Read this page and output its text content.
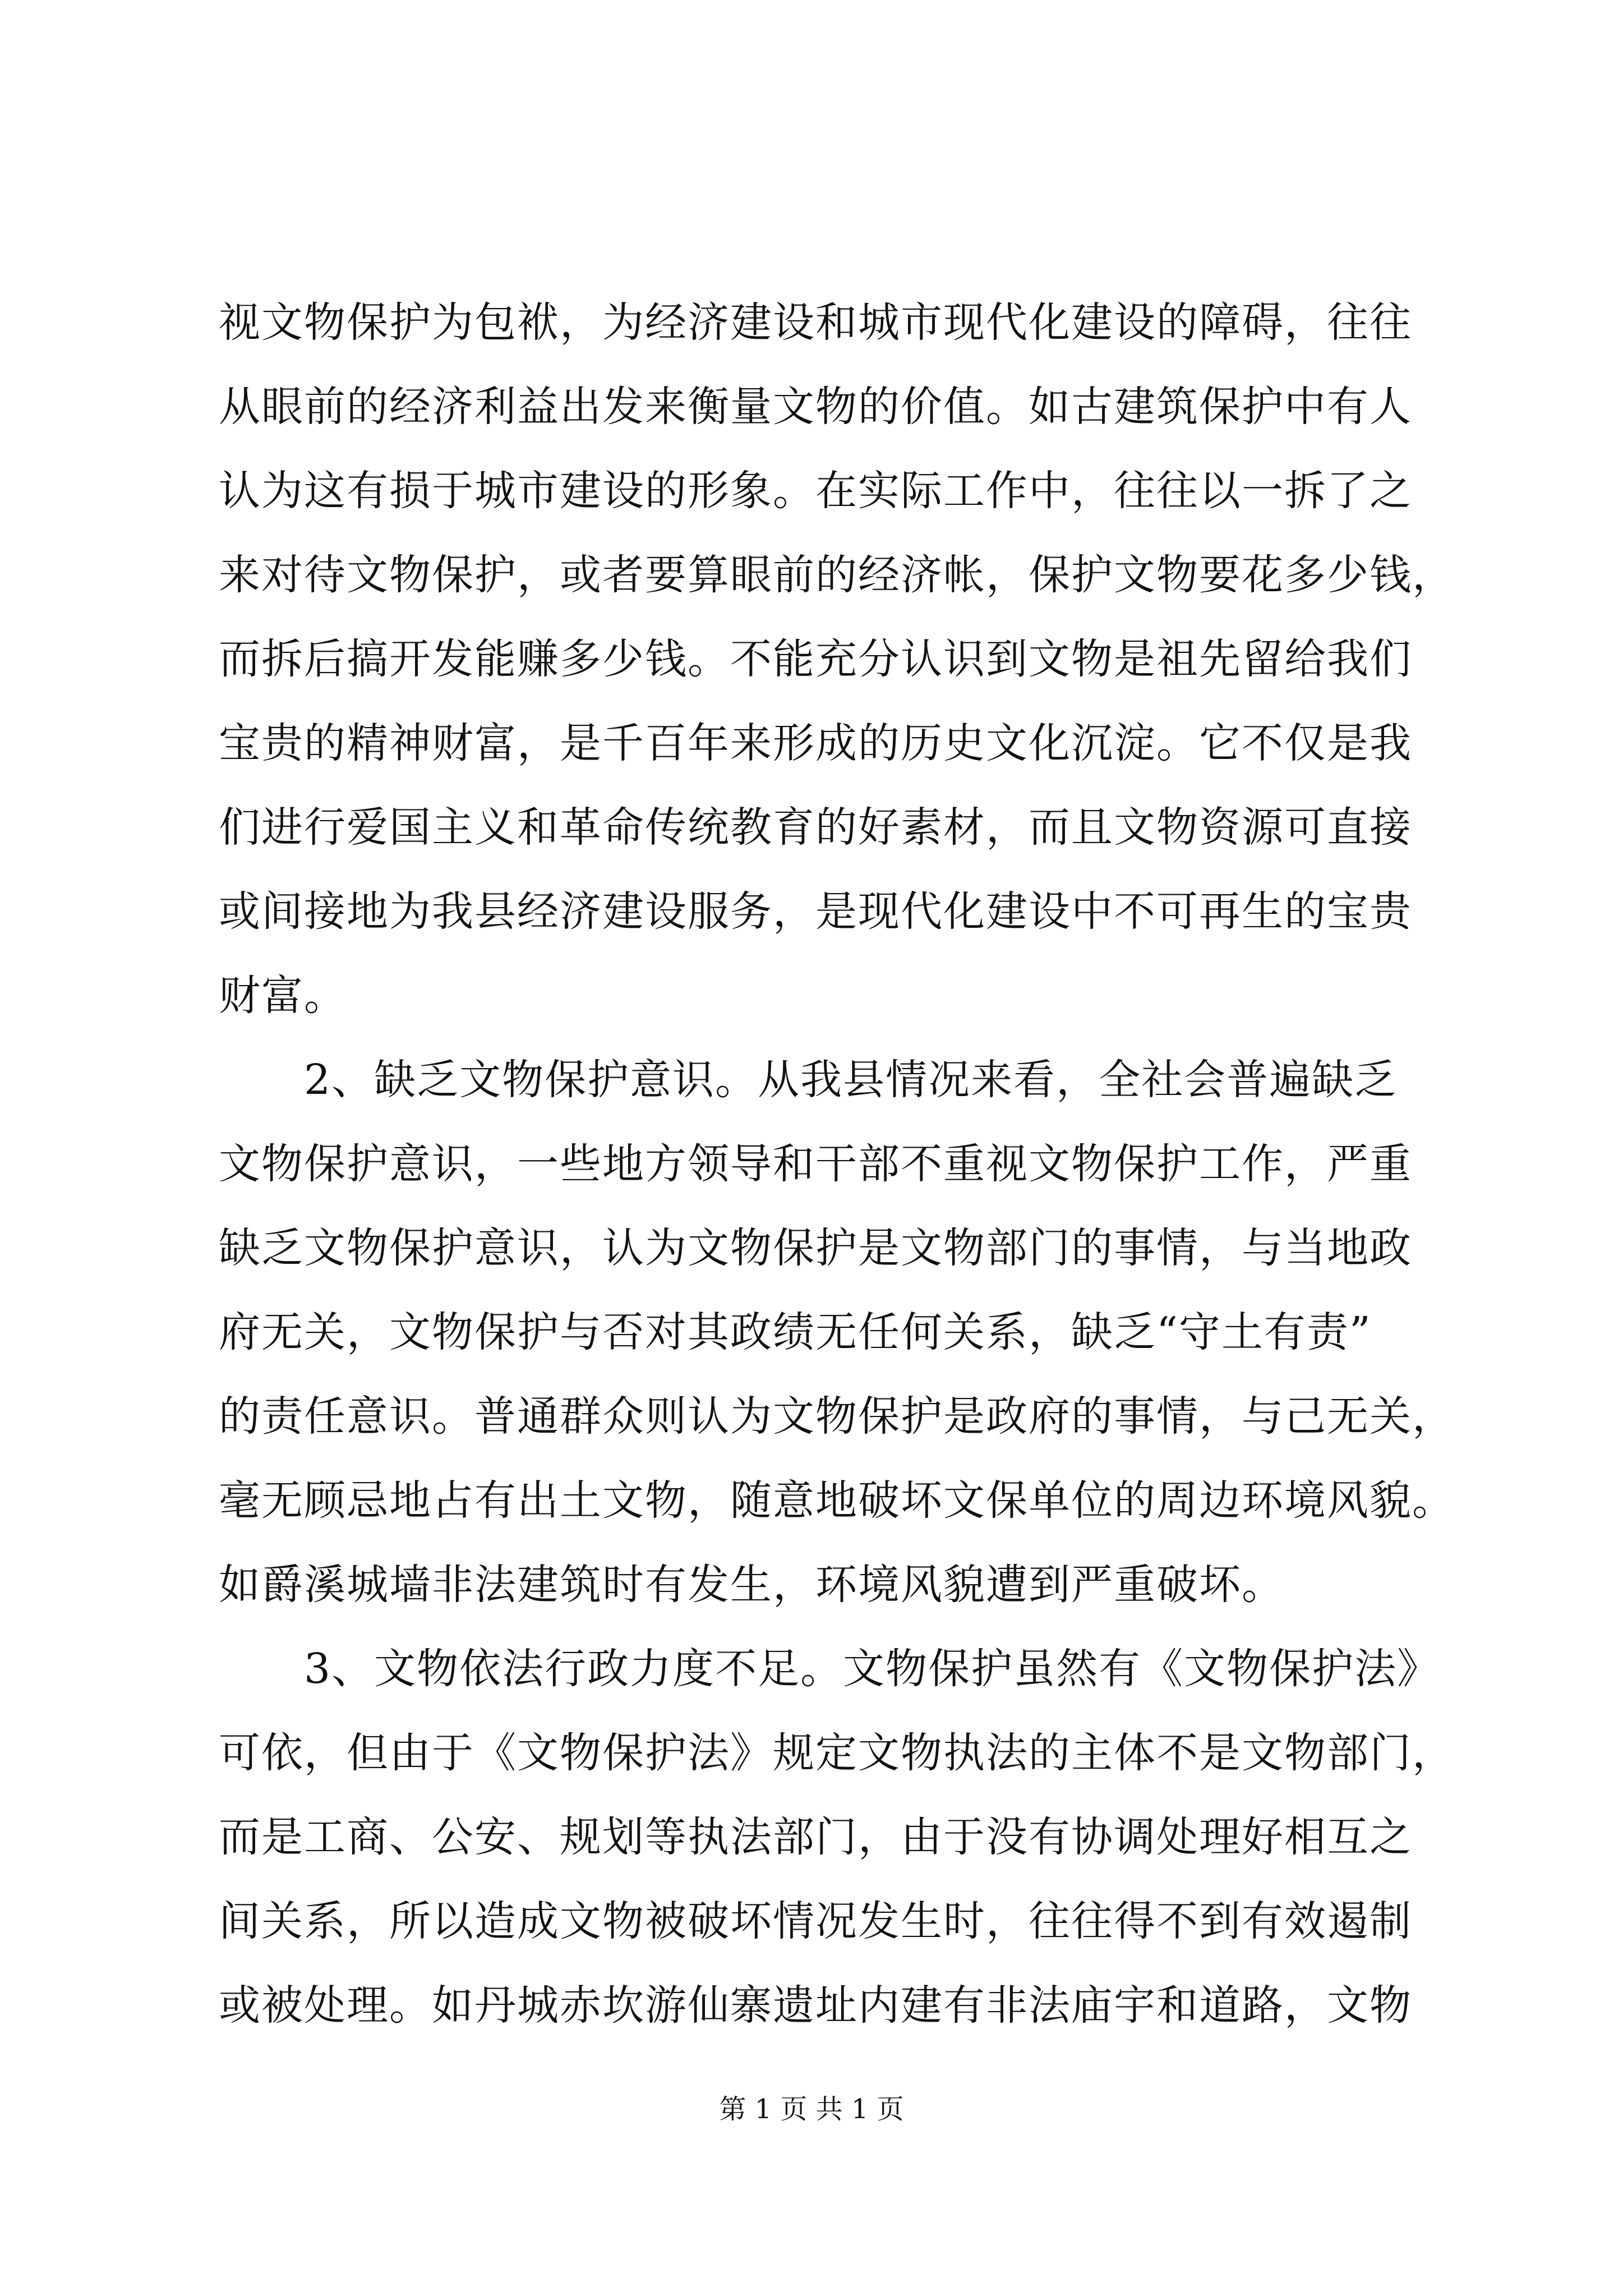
视文物保护为包袱，为经济建设和城市现代化建设的障碍，往往
从眼前的经济利益出发来衡量文物的价值。如古建筑保护中有人
认为这有损于城市建设的形象。在实际工作中，往往以一拆了之
来对待文物保护，或者要算眼前的经济帐，保护文物要花多少钱，
而拆后搞开发能赚多少钱。不能充分认识到文物是祖先留给我们
宝贵的精神财富，是千百年来形成的历史文化沉淀。它不仅是我
们进行爱国主义和革命传统教育的好素材，而且文物资源可直接
或间接地为我县经济建设服务，是现代化建设中不可再生的宝贵
财富。
　　2、缺乏文物保护意识。从我县情况来看，全社会普遍缺乏
文物保护意识，一些地方领导和干部不重视文物保护工作，严重
缺乏文物保护意识，认为文物保护是文物部门的事情，与当地政
府无关，文物保护与否对其政绩无任何关系，缺乏“守土有责”
的责任意识。普通群众则认为文物保护是政府的事情，与己无关，
毫无顾忌地占有出土文物，随意地破坏文保单位的周边环境风貌。
如爵溪城墙非法建筑时有发生，环境风貌遭到严重破坏。
　　3、文物依法行政力度不足。文物保护虽然有《文物保护法》
可依，但由于《文物保护法》规定文物执法的主体不是文物部门，
而是工商、公安、规划等执法部门，由于没有协调处理好相互之
间关系，所以造成文物被破坏情况发生时，往往得不到有效遏制
或被处理。如丹城赤坎游仙寨遗址内建有非法庙宇和道路，文物
第 1 页 共 1 页
